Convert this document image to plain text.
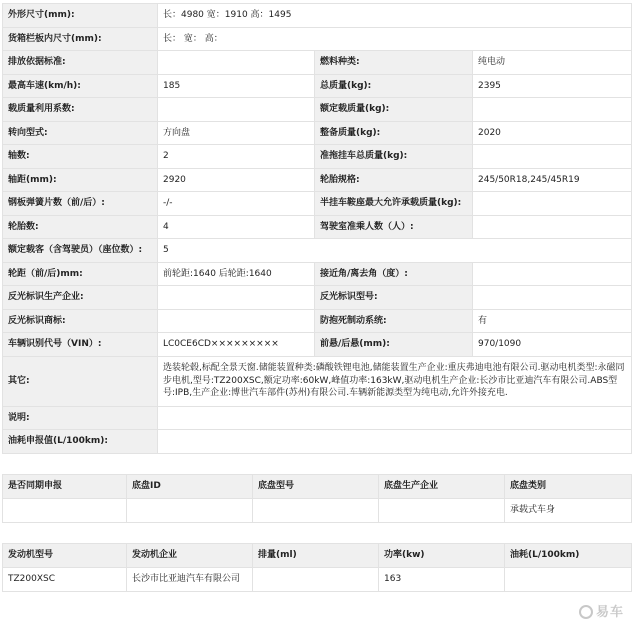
外形尺寸(mm):	长：4980 宽：1910 高：1495		
货箱栏板内尺寸(mm):	长： 宽： 高：		
排放依据标准:		燃料种类:	纯电动
最高车速(km/h):	185	总质量(kg):	2395
载质量利用系数:		额定载质量(kg):	
转向型式:	方向盘	整备质量(kg):	2020
轴数:	2	准拖挂车总质量(kg):	
轴距(mm):	2920	轮胎规格:	245/50R18,245/45R19
钢板弹簧片数（前/后）:	-/-	半挂车鞍座最大允许承载质量(kg):	
轮胎数:	4	驾驶室准乘人数（人）:	
额定载客（含驾驶员）（座位数）:	5		
轮距（前/后)mm:	前轮距:1640 后轮距:1640	接近角/离去角（度）:	
反光标识生产企业:		反光标识型号:	
反光标识商标:		防抱死制动系统:	有
车辆识别代号（VIN）:	LC0CE6CD×××××××××	前悬/后悬(mm):	970/1090
其它:	选装轮毂,标配全景天窗.储能装置种类:磷酸铁锂电池,储能装置生产企业:重庆弗迪电池有限公司.驱动电机类型:永磁同步电机,型号:TZ200XSC,额定功率:60kW,峰值功率:163kW,驱动电机生产企业:长沙市比亚迪汽车有限公司.ABS型号:IPB,生产企业:博世汽车部件(苏州)有限公司.车辆新能源类型为纯电动,允许外接充电.		
说明:			
油耗申报值(L/100km):			
是否同期申报	底盘ID	底盘型号	底盘生产企业	底盘类别
				承载式车身
发动机型号	发动机企业	排量(ml)	功率(kw)	油耗(L/100km)
TZ200XSC	长沙市比亚迪汽车有限公司		163	
易车
